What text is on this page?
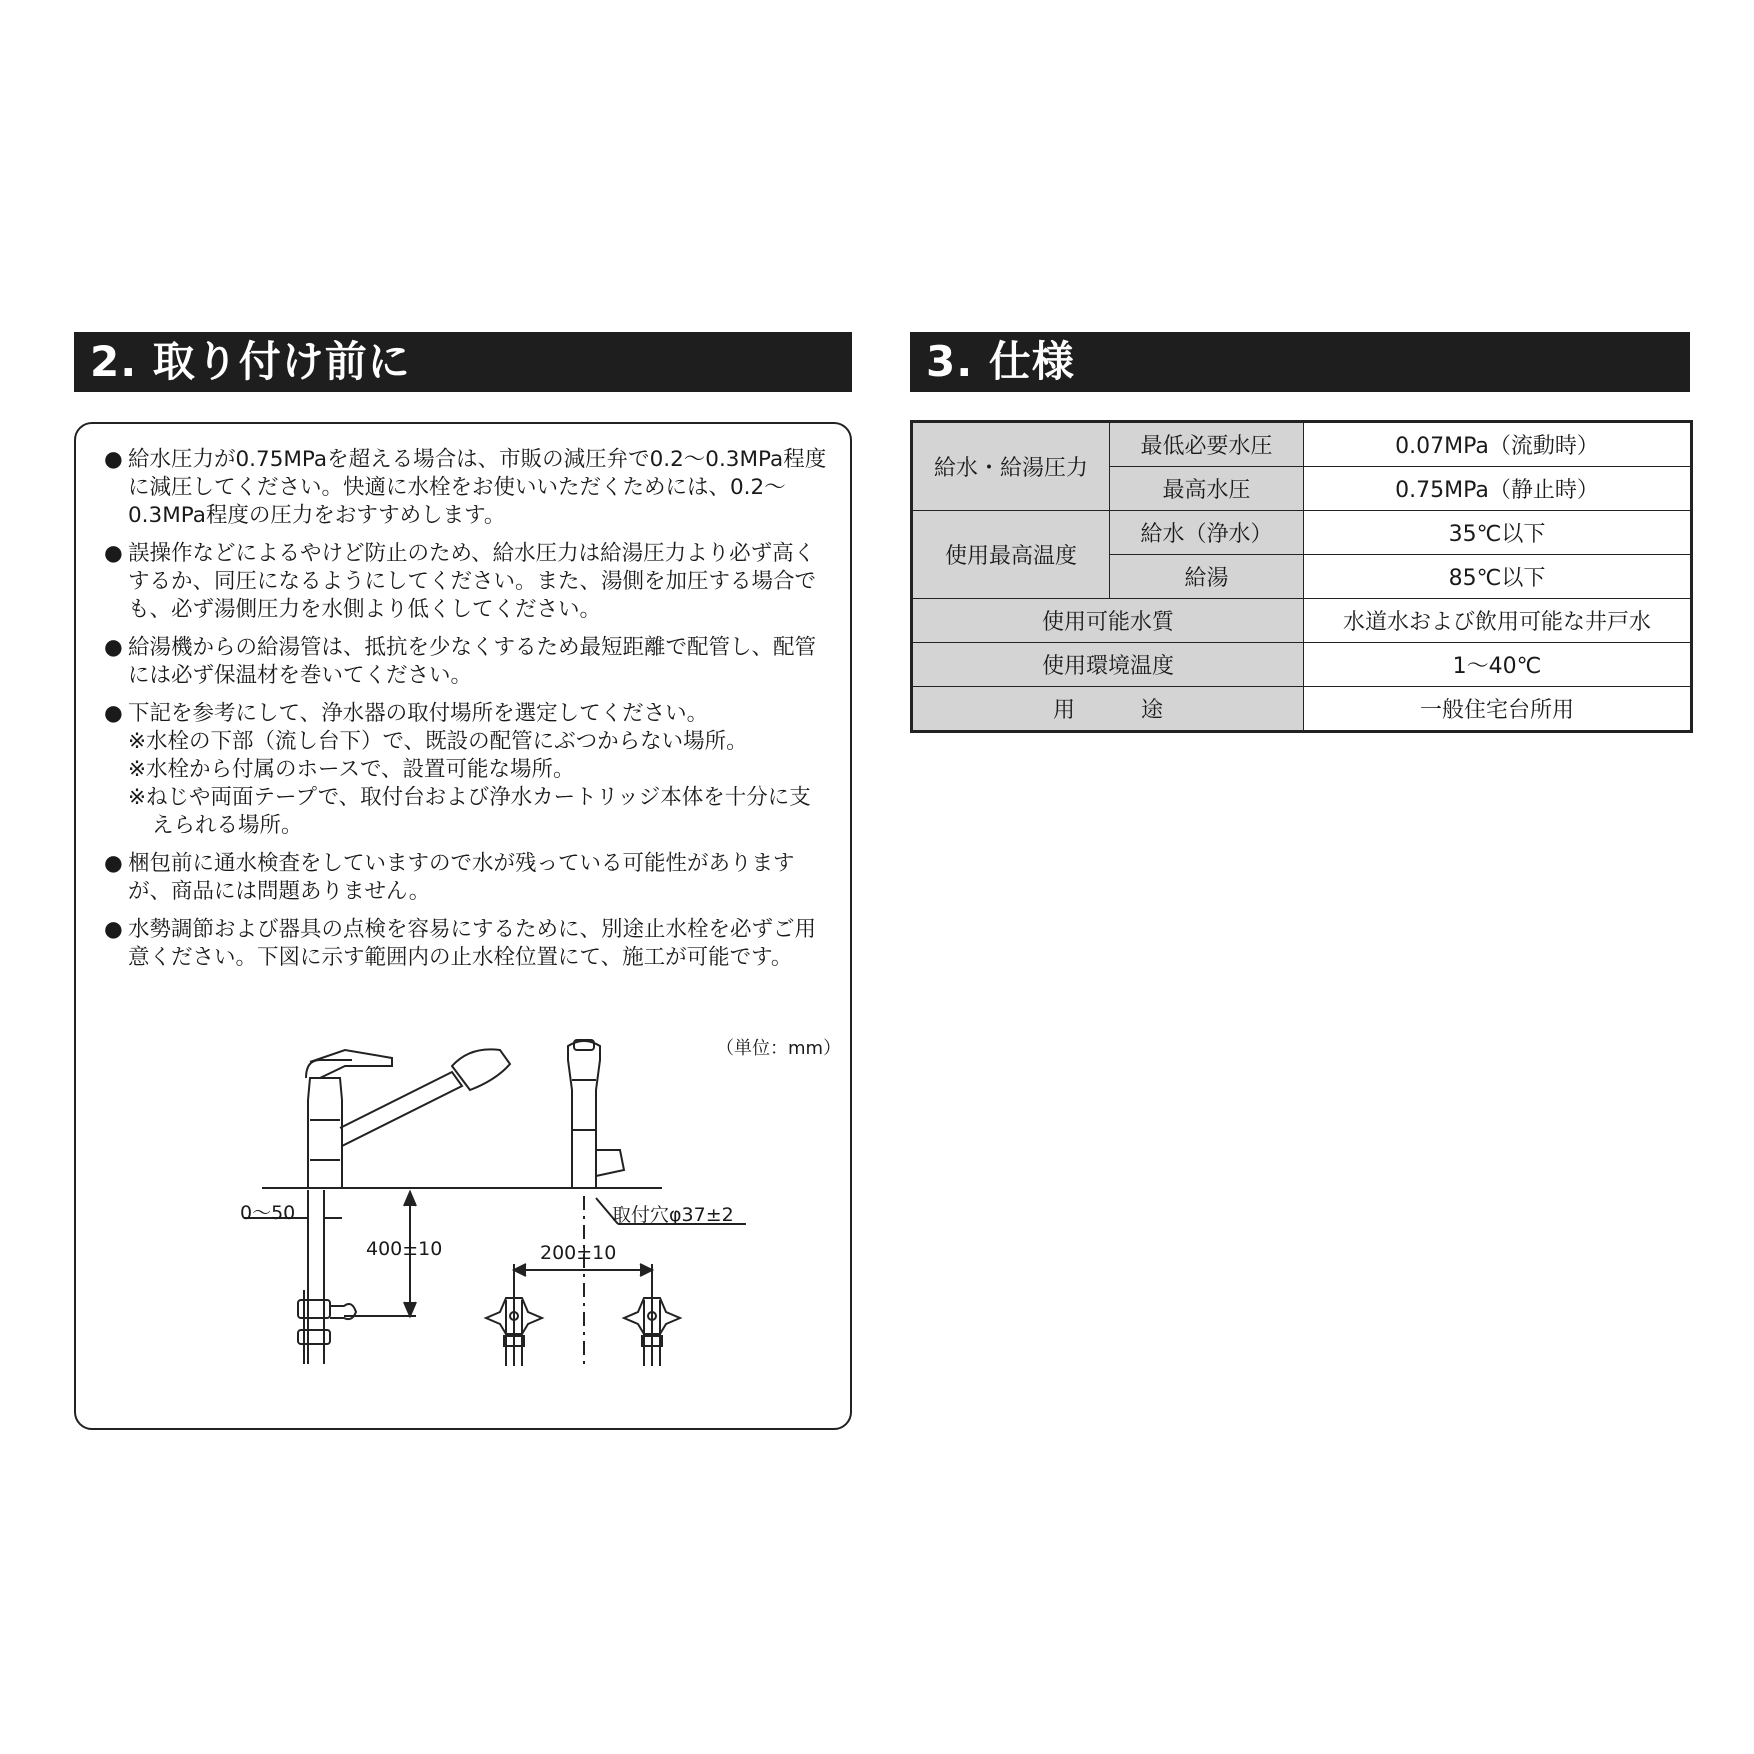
2. 取り付け前に	3. 仕様
● 給水圧力が0.75MPaを超える場合は、市販の減圧弁で0.2～0.3MPa程度に減圧してください。快適に水栓をお使いいただくためには、0.2～0.3MPa程度の圧力をおすすめします。
● 誤操作などによるやけど防止のため、給水圧力は給湯圧力より必ず高くするか、同圧になるようにしてください。また、湯側を加圧する場合でも、必ず湯側圧力を水側より低くしてください。
● 給湯機からの給湯管は、抵抗を少なくするため最短距離で配管し、配管には必ず保温材を巻いてください。
● 下記を参考にして、浄水器の取付場所を選定してください。
※水栓の下部（流し台下）で、既設の配管にぶつからない場所。
※水栓から付属のホースで、設置可能な場所。
※ねじや両面テープで、取付台および浄水カートリッジ本体を十分に支えられる場所。
● 梱包前に通水検査をしていますので水が残っている可能性がありますが、商品には問題ありません。
● 水勢調節および器具の点検を容易にするために、別途止水栓を必ずご用意ください。下図に示す範囲内の止水栓位置にて、施工が可能です。
（単位：mm）
0～50
400±10	200±10
取付穴φ37±2
給水・給湯圧力	最低必要水圧	0.07MPa（流動時）
	最高水圧	0.75MPa（静止時）
使用最高温度	給水（浄水）	35℃以下
	給湯	85℃以下
使用可能水質		水道水および飲用可能な井戸水
使用環境温度		1～40℃
用　　　途		一般住宅台所用
